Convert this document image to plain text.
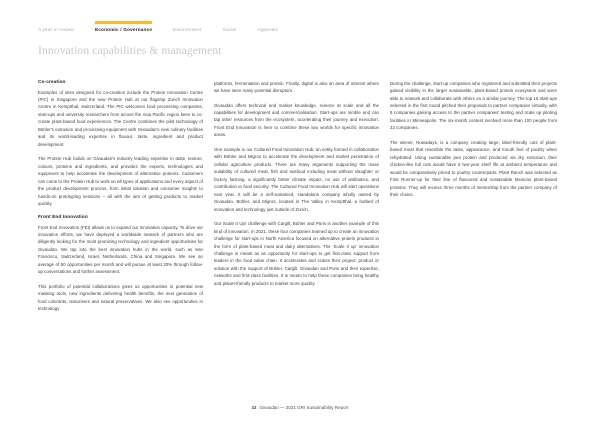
A year in review	Economic / Governance	Environment	Social	Appendix
Innovation capabilities & management
Co-creation

Examples of sites designed for co-creation include the Protein Innovation Centre (PIC) in Singapore and the new Protein Hub at our flagship Zurich Innovation Centre in Kemptthal, Switzerland. The PIC welcomes food processing companies, start-ups and university researchers from across the Asia Pacific region keen to co-create plant-based food experiences. The Centre combines the pilot technology of Bühler's extrusion and processing equipment with Givaudan's new culinary facilities and its world-leading expertise in flavour, taste, ingredient and product development.

The Protein Hub builds on Givaudan's industry leading expertise in taste, texture, colours, proteins and ingredients, and provides the experts, technologies and equipment to help accelerate the development of alternative proteins. Customers can come to the Protein Hub to work on all types of applications and every aspect of the product development process, from initial ideation and consumer insights to hands-on prototyping sessions – all with the aim of getting products to market quickly.

Front End Innovation

Front End Innovation (FEI) allows us to expand our innovation capacity. To drive our innovation efforts, we have deployed a worldwide network of partners who are diligently looking for the most promising technology and ingredient opportunities for Givaudan. We tap into the best innovation hubs in the world, such as San Francisco, Switzerland, Israel, Netherlands, China and Singapore. We see an average of 50 opportunities per month and will pursue at least 20% through follow-up conversations and further assessment.

This portfolio of potential collaborations gives us opportunities in potential new masking tools, new ingredients delivering health benefits, the next generation of food colorants, texturisers and natural preservatives. We also see opportunities in technology

platforms, fermentation and protein. Finally, digital is also an area of interest where we have seen many potential disruptors.

Givaudan offers technical and market knowledge, science at scale and all the capabilities for development and commercialisation. Start-ups are nimble and can tap other resources from the ecosystem, accelerating their journey and execution. Front End Innovation is here to combine these two worlds for specific innovation areas.

One example is our Cultured Food Innovation Hub, an entity formed in collaboration with Bühler and Migros to accelerate the development and market penetration of cellular agriculture products. There are many arguments supporting the mass suitability of cultured meat, fish and seafood including meat without slaughter or factory farming, a significantly better climate impact, no use of antibiotics, and contribution to food security. The Cultured Food Innovation Hub will start operations next year. It will be a self-sustained, standalone company wholly owned by Givaudan, Bühler, and Migros, located in The Valley in Kemptthal, a hotbed of innovation and technology just outside of Zurich.

Our Scale It Up! challenge with Cargill, Bühler and Puris is another example of this kind of innovation. In 2021, these four companies teamed up to create an innovation challenge for start-ups in North America focused on alternative protein products in the form of plant-based meat and dairy alternatives. The 'Scale it up' innovation challenge is meant as an opportunity for start-ups to get first-class support from leaders in the food value chain. It accelerates and scales their project, product or solution with the support of Bühler, Cargill, Givaudan and Puris and their expertise, networks and first-class facilities. It is meant to help these companies bring healthy and planet-friendly products to market more quickly.

During the challenge, start-up companies who registered and submitted their projects gained visibility in the larger sustainable, plant-based protein ecosystem and were able to network and collaborate with others on a similar journey. The top 15 start-ups selected in the first round pitched their proposals to partner companies virtually, with 5 companies gaining access to the partner companies' testing and scale up piloting facilities in Minneapolis. The six-month contest involved more than 100 people from 22 companies.

The winner, Nowadays, is a company creating large, label-friendly cuts of plant-based meat that resemble the taste, appearance, and mouth feel of poultry when rehydrated. Using sustainable pea protein and produced via dry extrusion, their chicken-like full cuts would have a two-year shelf life at ambient temperature and would be comparatively priced to poultry counterparts. Plant Ranch was selected as First Runner-up for their line of flavoured and sustainable Mexican plant-based proteins. They will receive three months of mentorship from the partner company of their choice.

43 Givaudan — 2021 GRI Sustainability Report
